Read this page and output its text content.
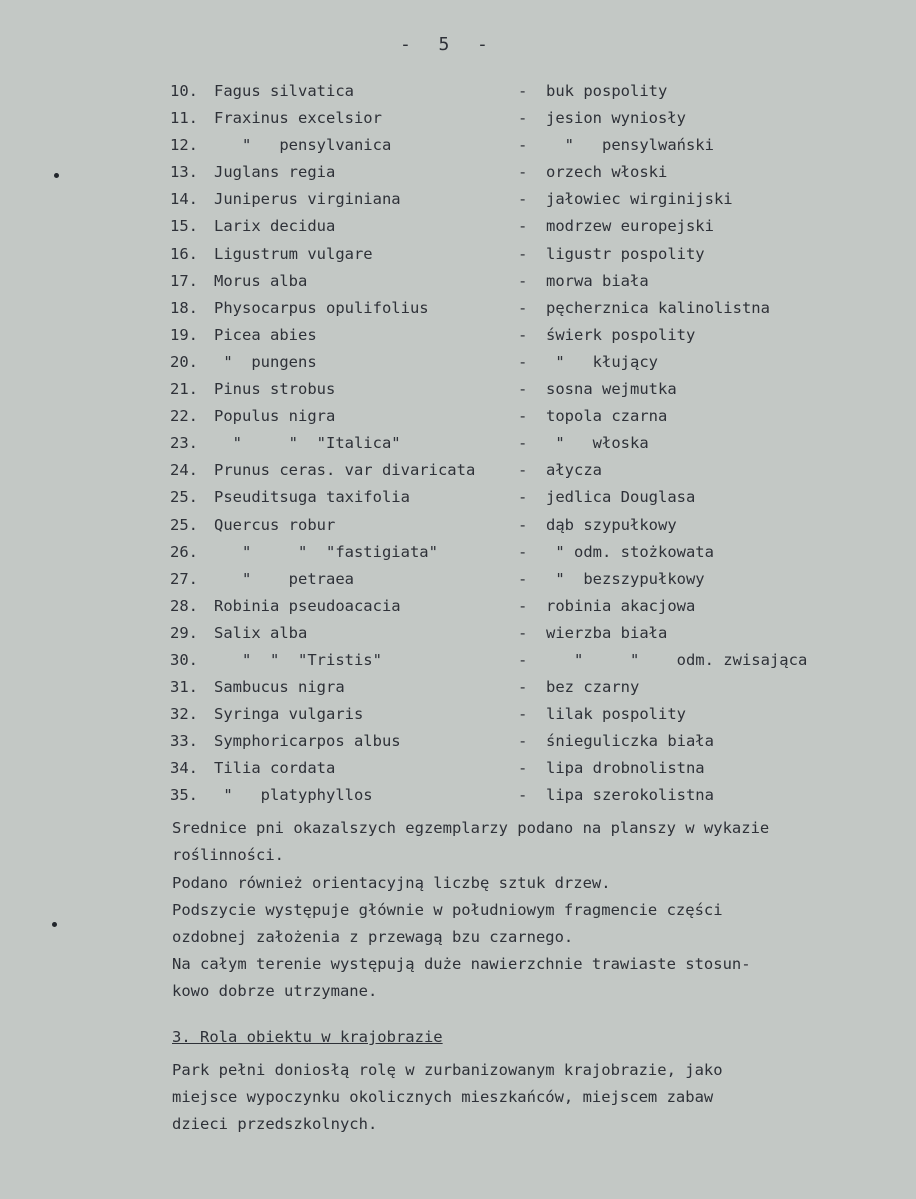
-  5  -
10. Fagus silvatica	- buk pospolity
11. Fraxinus excelsior	- jesion wyniosły
12. "   pensylvanica	- "   pensylwański
13. Juglans regia	- orzech włoski
14. Juniperus virginiana	- jałowiec wirginijski
15. Larix decidua	- modrzew europejski
16. Ligustrum vulgare	- ligustr pospolity
17. Morus alba	- morwa biała
18. Physocarpus opulifolius	- pęcherznica kalinolistna
19. Picea abies	- świerk pospolity
20. "  pungens	- "   kłujący
21. Pinus strobus	- sosna wejmutka
22. Populus nigra	- topola czarna
23. "     "  "Italica"	- "   włoska
24. Prunus ceras. var divaricata	- ałycza
25. Pseuditsuga taxifolia	- jedlica Douglasa
25. Quercus robur	- dąb szypułkowy
26. "     "  "fastigiata"	- " odm. stożkowata
27. "    petraea	- "  bezszypułkowy
28. Robinia pseudoacacia	- robinia akacjowa
29. Salix alba	- wierzba biała
30. "  "  "Tristis"	- "     "    odm. zwisająca
31. Sambucus nigra	- bez czarny
32. Syringa vulgaris	- lilak pospolity
33. Symphoricarpos albus	- śnieguliczka biała
34. Tilia cordata	- lipa drobnolistna
35. "   platyphyllos	- lipa szerokolistna
Srednice pni okazalszych egzemplarzy podano na planszy w wykazie
roślinności.
Podano również orientacyjną liczbę sztuk drzew.
Podszycie występuje głównie w południowym fragmencie części
ozdobnej założenia z przewagą bzu czarnego.
Na całym terenie występują duże nawierzchnie trawiaste stosun-
kowo dobrze utrzymane.
3. Rola obiektu w krajobrazie
Park pełni doniosłą rolę w zurbanizowanym krajobrazie, jako
miejsce wypoczynku okolicznych mieszkańców, miejscem zabaw
dzieci przedszkolnych.
